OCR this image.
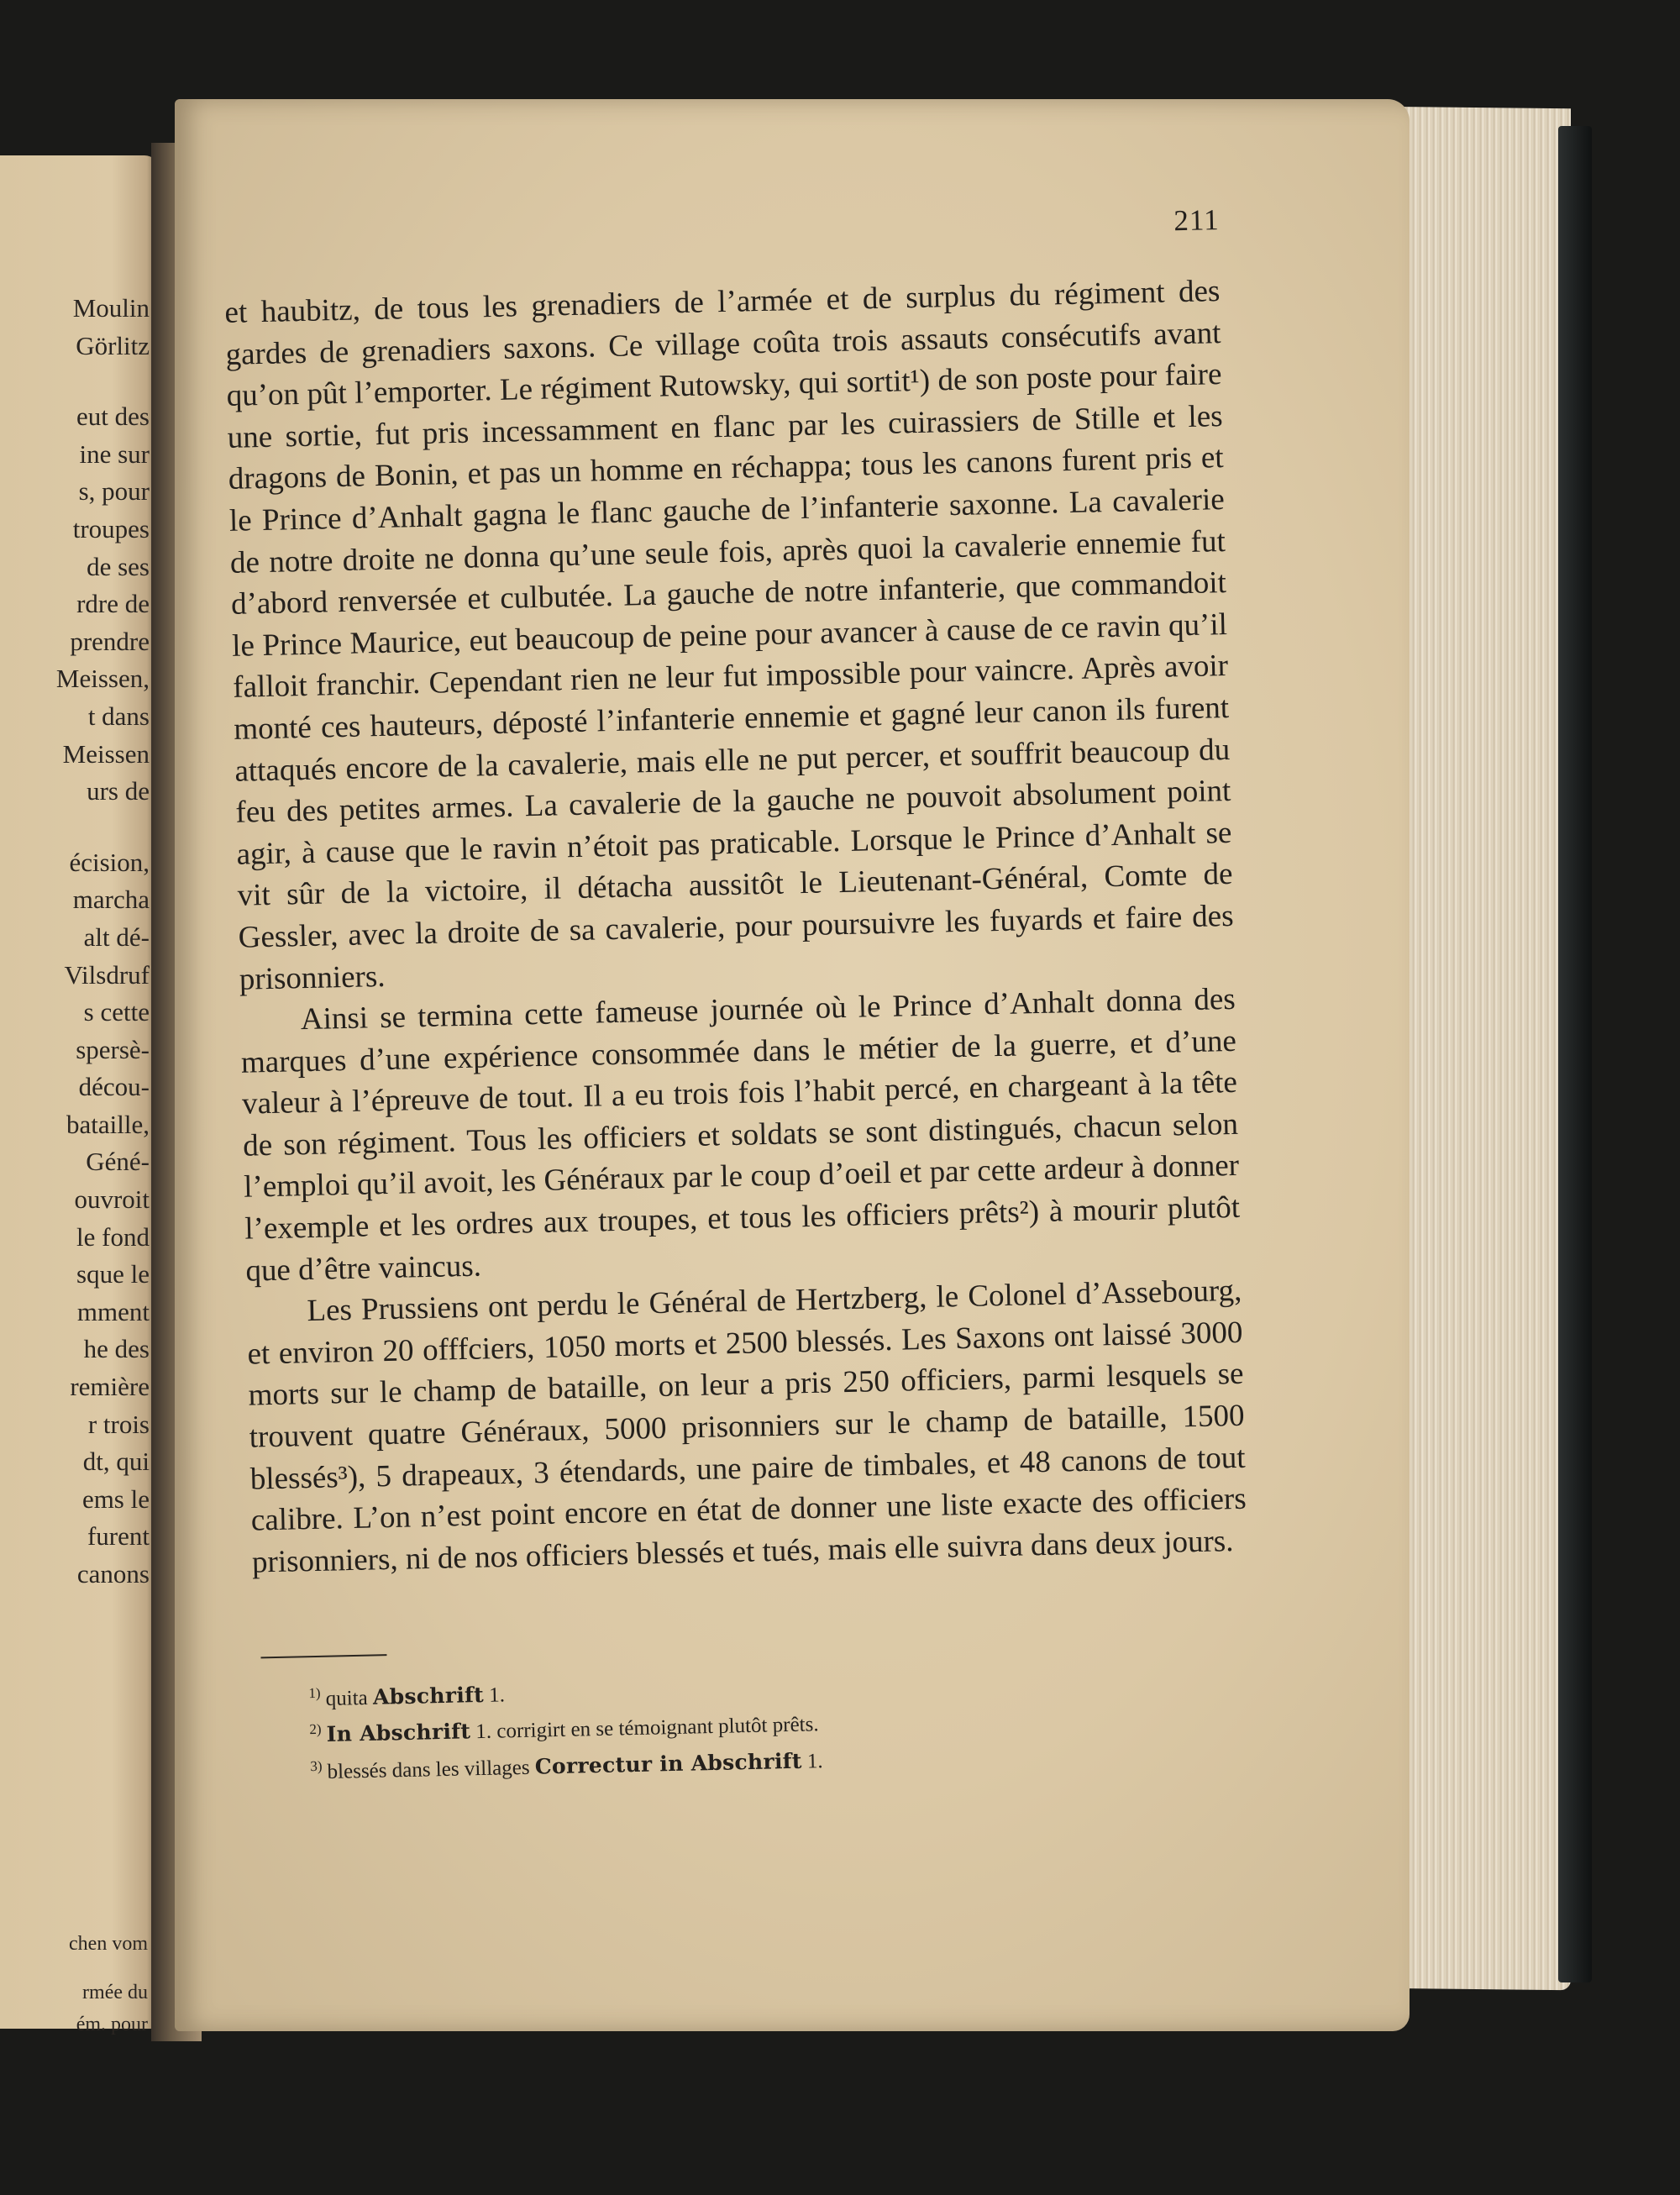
Moulin
Görlitz
eut des
ine sur
s, pour
troupes
de ses
rdre de
prendre
Meissen,
t dans
Meissen
urs de
écision,
marcha
alt dé-
Vilsdruf
s cette
spersè-
décou-
bataille,
Géné-
ouvroit
le fond
sque le
mment
he des
remière
r trois
dt, qui
ems le
furent
canons
chen vom
rmée du
ém. pour
211

et haubitz, de tous les grenadiers de l’armée et de surplus du régiment des gardes de grenadiers saxons. Ce village coûta trois assauts consécutifs avant qu’on pût l’emporter. Le régiment Rutowsky, qui sortit¹) de son poste pour faire une sortie, fut pris incessamment en flanc par les cuirassiers de Stille et les dragons de Bonin, et pas un homme en réchappa; tous les canons furent pris et le Prince d’Anhalt gagna le flanc gauche de l’infanterie saxonne. La cavalerie de notre droite ne donna qu’une seule fois, après quoi la cavalerie ennemie fut d’abord renversée et culbutée. La gauche de notre infanterie, que commandoit le Prince Maurice, eut beaucoup de peine pour avancer à cause de ce ravin qu’il falloit franchir. Cependant rien ne leur fut impossible pour vaincre. Après avoir monté ces hauteurs, déposté l’infanterie ennemie et gagné leur canon ils furent attaqués encore de la cavalerie, mais elle ne put percer, et souffrit beaucoup du feu des petites armes. La cavalerie de la gauche ne pouvoit absolument point agir, à cause que le ravin n’étoit pas praticable. Lorsque le Prince d’Anhalt se vit sûr de la victoire, il détacha aussitôt le Lieutenant-Général, Comte de Gessler, avec la droite de sa cavalerie, pour poursuivre les fuyards et faire des prisonniers.

Ainsi se termina cette fameuse journée où le Prince d’Anhalt donna des marques d’une expérience consommée dans le métier de la guerre, et d’une valeur à l’épreuve de tout. Il a eu trois fois l’habit percé, en chargeant à la tête de son régiment. Tous les officiers et soldats se sont distingués, chacun selon l’emploi qu’il avoit, les Généraux par le coup d’oeil et par cette ardeur à donner l’exemple et les ordres aux troupes, et tous les officiers prêts²) à mourir plutôt que d’être vaincus.

Les Prussiens ont perdu le Général de Hertzberg, le Colonel d’Assebourg, et environ 20 offfciers, 1050 morts et 2500 blessés. Les Saxons ont laissé 3000 morts sur le champ de bataille, on leur a pris 250 officiers, parmi lesquels se trouvent quatre Généraux, 5000 prisonniers sur le champ de bataille, 1500 blessés³), 5 drapeaux, 3 étendards, une paire de timbales, et 48 canons de tout calibre. L’on n’est point encore en état de donner une liste exacte des officiers prisonniers, ni de nos officiers blessés et tués, mais elle suivra dans deux jours.

$^{1)}$ quita Abschrift 1.
$^{2)}$ In Abschrift 1. corrigirt en se témoignant plutôt prêts.
$^{3)}$ blessés dans les villages Correctur in Abschrift 1.
